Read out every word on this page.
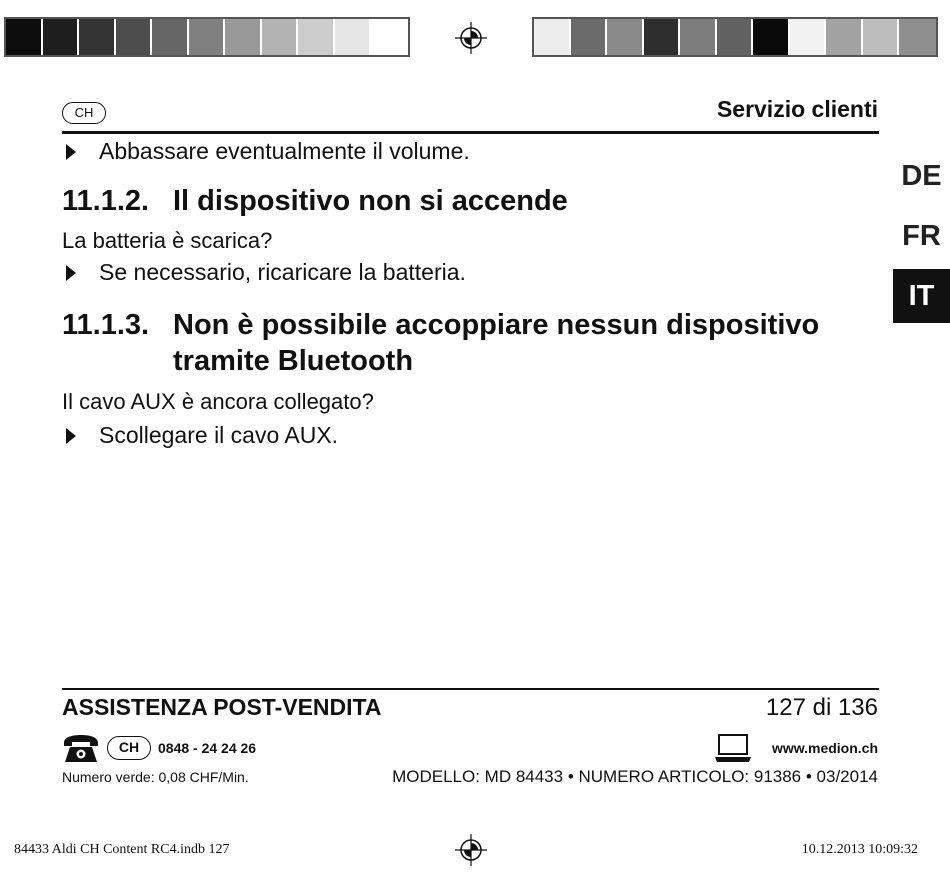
CH	Servizio clienti
DE
FR
IT
Abbassare eventualmente il volume.
11.1.2. Il dispositivo non si accende
La batteria è scarica?
Se necessario, ricaricare la batteria.
11.1.3. Non è possibile accoppiare nessun dispositivo
tramite Bluetooth
Il cavo AUX è ancora collegato?
Scollegare il cavo AUX.
ASSISTENZA POST-VENDITA	127 di 136
CH	0848 - 24 24 26	www.medion.ch
Numero verde: 0,08 CHF/Min.	MODELLO: MD 84433 • NUMERO ARTICOLO: 91386 • 03/2014
84433 Aldi CH Content RC4.indb 127	10.12.2013 10:09:32
